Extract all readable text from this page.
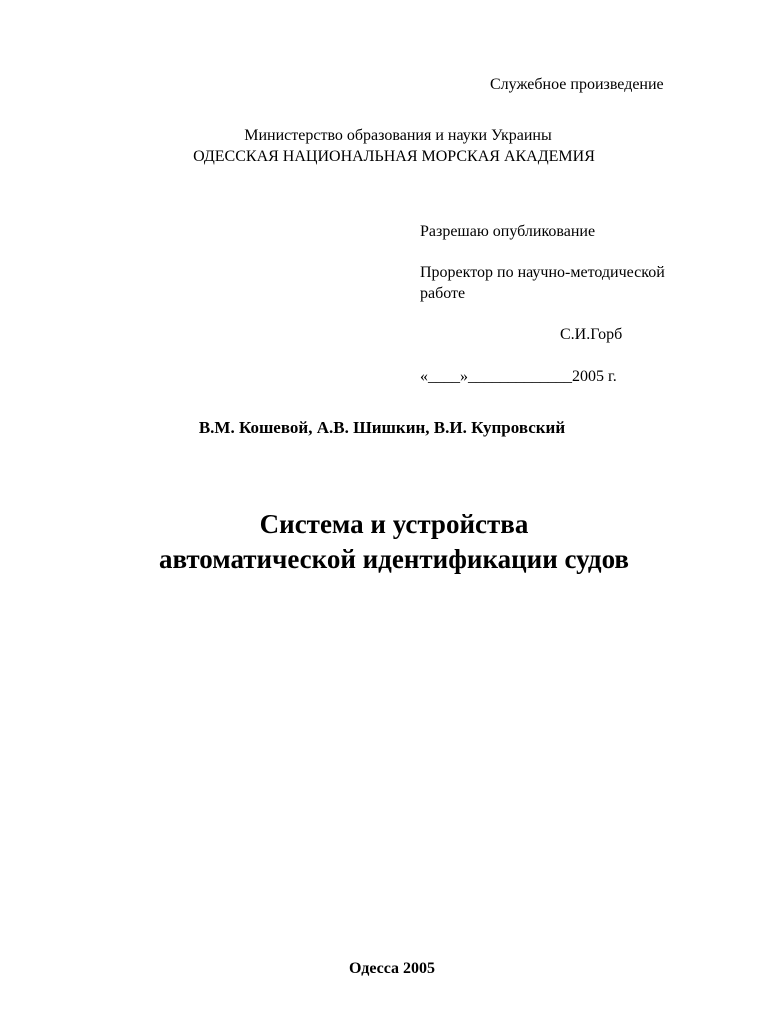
Служебное произведение
Министерство образования и науки Украины
ОДЕССКАЯ НАЦИОНАЛЬНАЯ МОРСКАЯ АКАДЕМИЯ
Разрешаю опубликование
Проректор по научно-методической
работе
С.И.Горб
«____»_____________2005 г.
В.М. Кошевой, А.В. Шишкин, В.И. Купровский
Система и устройства
автоматической идентификации судов
Одесса 2005
